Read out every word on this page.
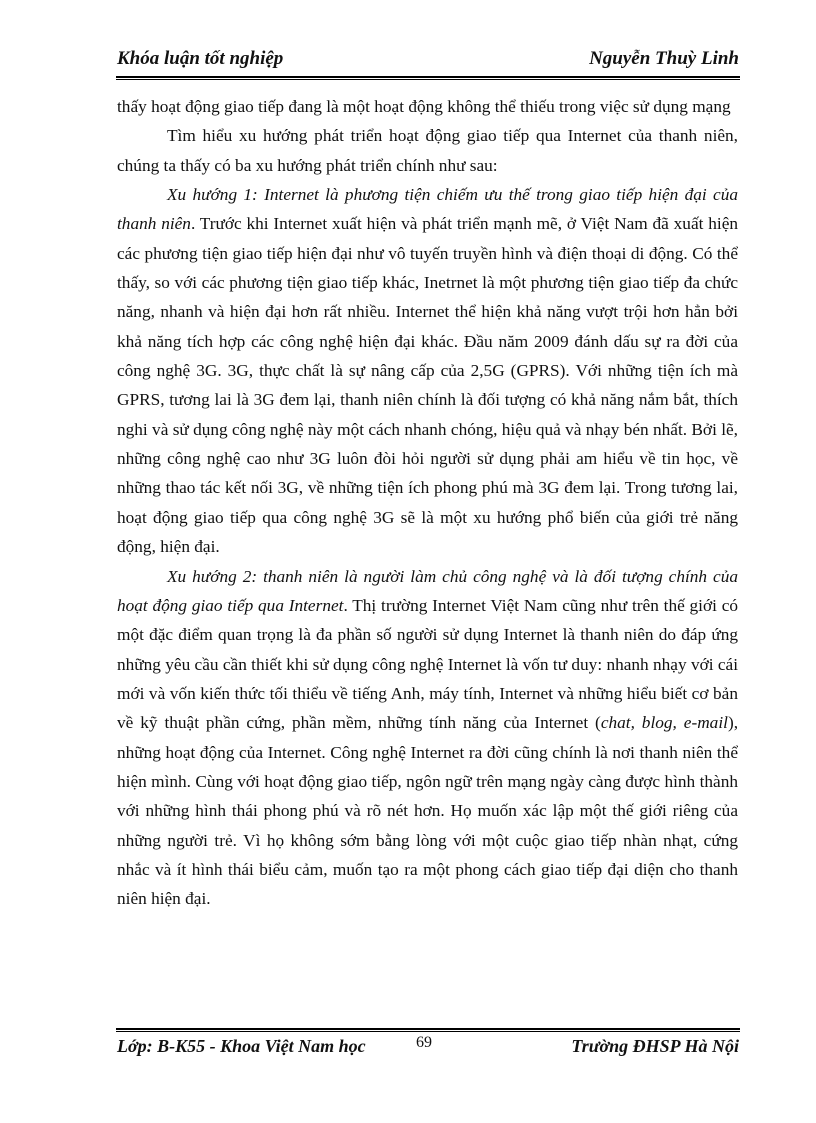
Khóa luận tốt nghiệp	Nguyễn Thuỳ Linh

thấy hoạt động giao tiếp đang là một hoạt động không thể thiếu trong việc sử dụng mạng

Tìm hiểu xu hướng phát triển hoạt động giao tiếp qua Internet của thanh niên, chúng ta thấy có ba xu hướng phát triển chính như sau:

Xu hướng 1: Internet là phương tiện chiếm ưu thế trong giao tiếp hiện đại của thanh niên. Trước khi Internet xuất hiện và phát triển mạnh mẽ, ở Việt Nam đã xuất hiện các phương tiện giao tiếp hiện đại như vô tuyến truyền hình và điện thoại di động. Có thể thấy, so với các phương tiện giao tiếp khác, Inetrnet là một phương tiện giao tiếp đa chức năng, nhanh và hiện đại hơn rất nhiều. Internet thể hiện khả năng vượt trội hơn hẳn bởi khả năng tích hợp các công nghệ hiện đại khác. Đầu năm 2009 đánh dấu sự ra đời của công nghệ 3G. 3G, thực chất là sự nâng cấp của 2,5G (GPRS). Với những tiện ích mà GPRS, tương lai là 3G đem lại, thanh niên chính là đối tượng có khả năng nắm bắt, thích nghi và sử dụng công nghệ này một cách nhanh chóng, hiệu quả và nhạy bén nhất. Bởi lẽ, những công nghệ cao như 3G luôn đòi hỏi người sử dụng phải am hiểu về tin học, về những thao tác kết nối 3G, về những tiện ích phong phú mà 3G đem lại. Trong tương lai, hoạt động giao tiếp qua công nghệ 3G sẽ là một xu hướng phổ biến của giới trẻ năng động, hiện đại.

Xu hướng 2: thanh niên là người làm chủ công nghệ và là đối tượng chính của hoạt động giao tiếp qua Internet. Thị trường Internet Việt Nam cũng như trên thế giới có một đặc điểm quan trọng là đa phần số người sử dụng Internet là thanh niên do đáp ứng những yêu cầu cần thiết khi sử dụng công nghệ Internet là vốn tư duy: nhanh nhạy với cái mới và vốn kiến thức tối thiểu về tiếng Anh, máy tính, Internet và những hiểu biết cơ bản về kỹ thuật phần cứng, phần mềm, những tính năng của Internet (chat, blog, e-mail), những hoạt động của Internet. Công nghệ Internet ra đời cũng chính là nơi thanh niên thể hiện mình. Cùng với hoạt động giao tiếp, ngôn ngữ trên mạng ngày càng được hình thành với những hình thái phong phú và rõ nét hơn. Họ muốn xác lập một thế giới riêng của những người trẻ. Vì họ không sớm bằng lòng với một cuộc giao tiếp nhàn nhạt, cứng nhắc và ít hình thái biểu cảm, muốn tạo ra một phong cách giao tiếp đại diện cho thanh niên hiện đại.

Lớp: B-K55 - Khoa Việt Nam học	Trường ĐHSP Hà Nội
69
